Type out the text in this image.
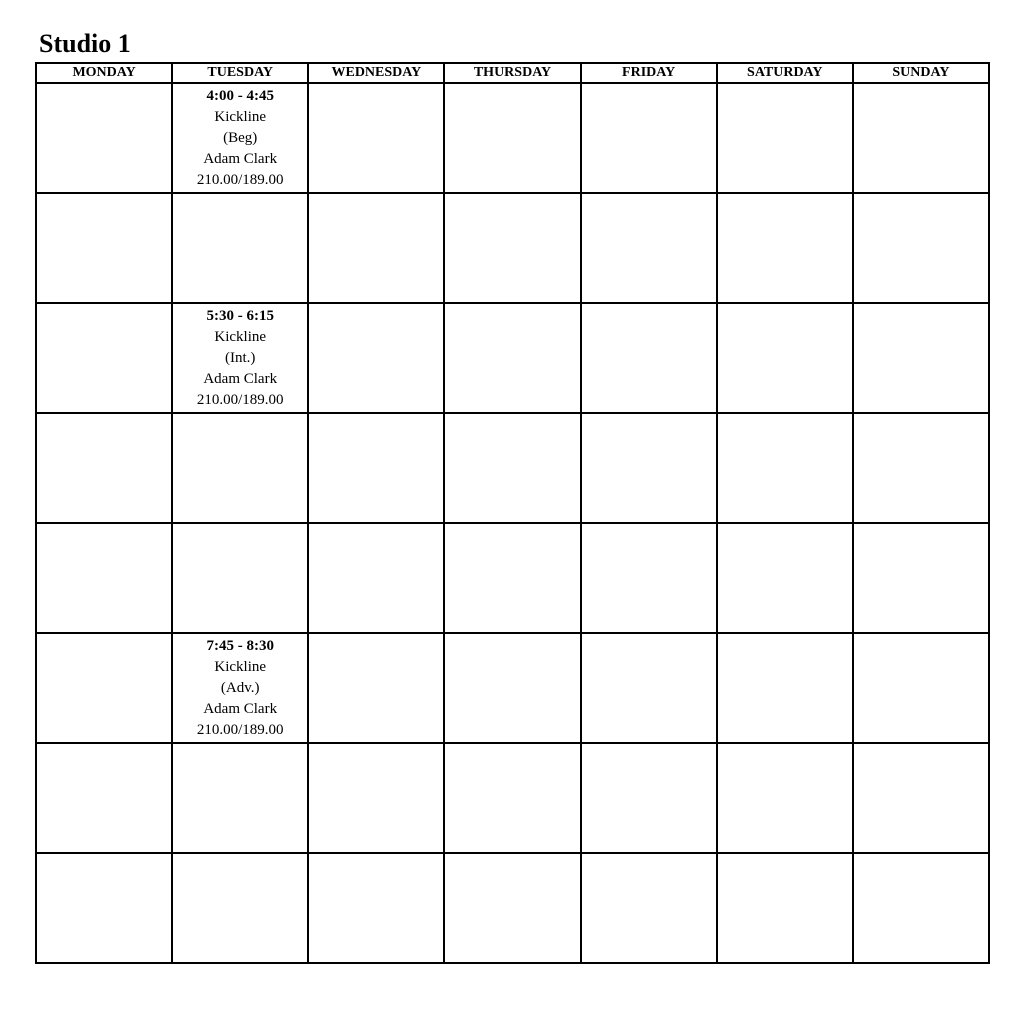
Studio 1
MONDAY	TUESDAY	WEDNESDAY	THURSDAY	FRIDAY	SATURDAY	SUNDAY

	4:00 - 4:45
Kickline
(Beg)
Adam Clark
210.00/189.00					

	5:30 - 6:15
Kickline
(Int.)
Adam Clark
210.00/189.00					

	7:45 - 8:30
Kickline
(Adv.)
Adam Clark
210.00/189.00					
